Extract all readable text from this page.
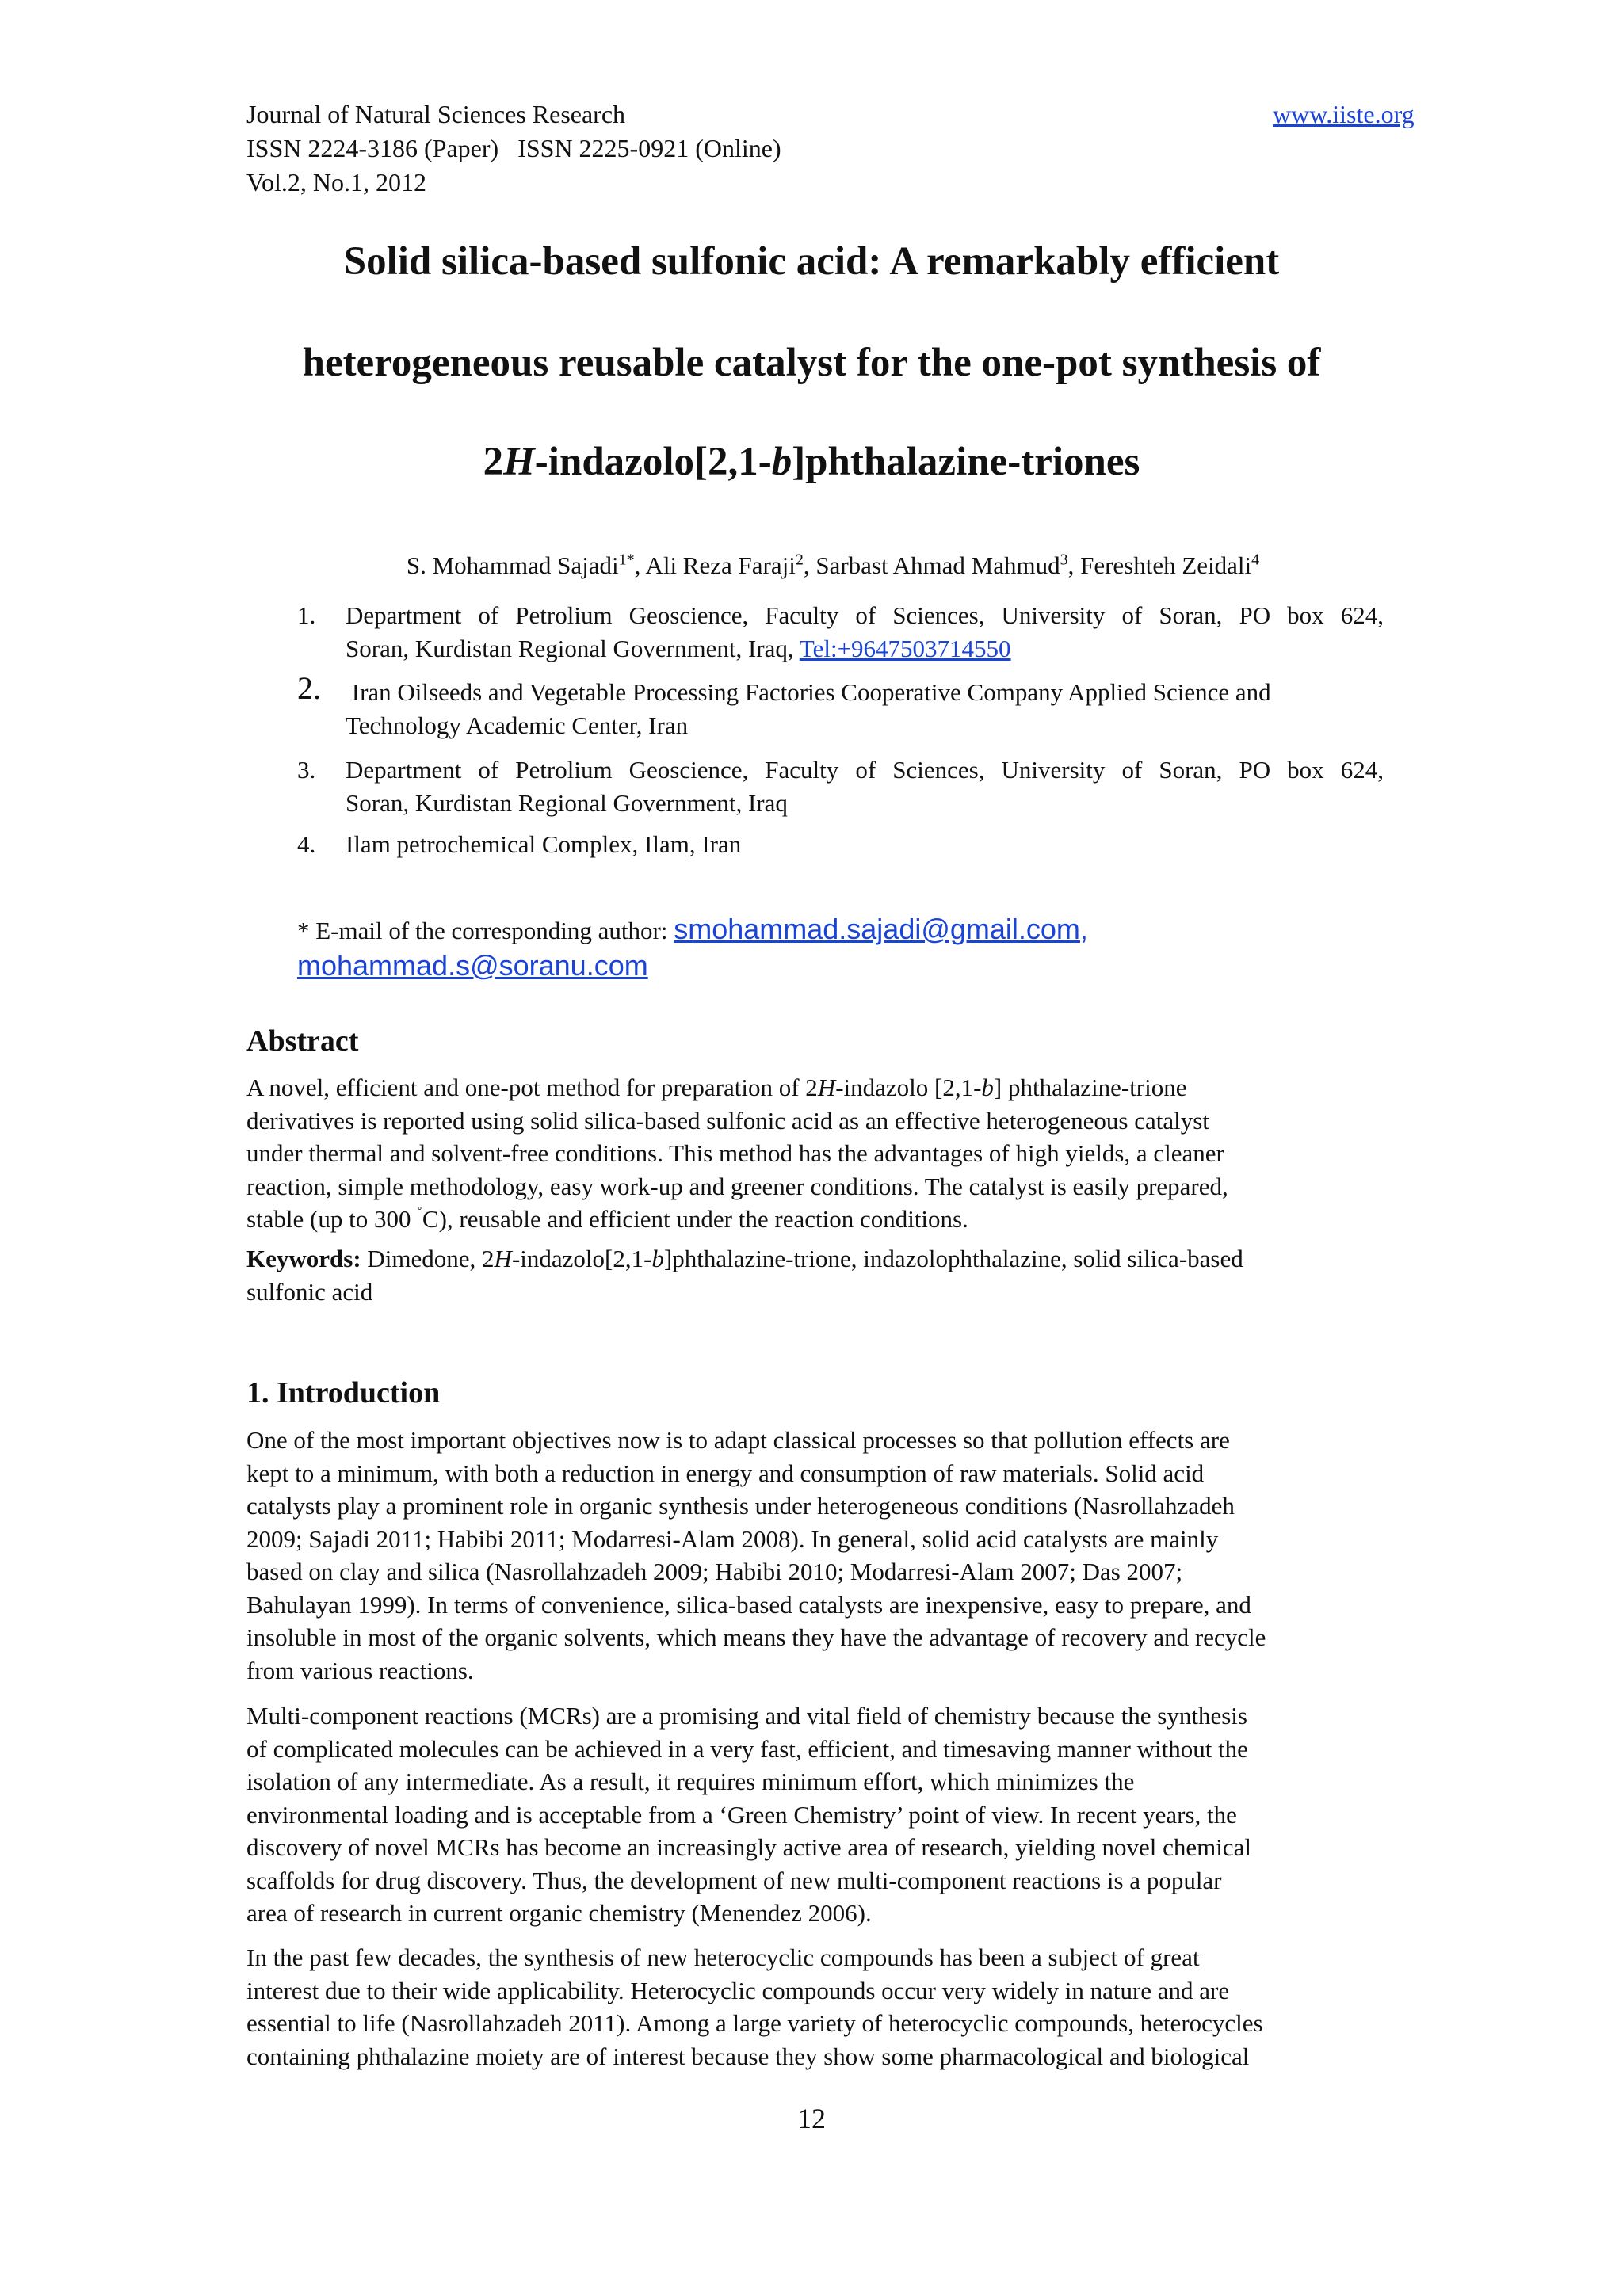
Journal of Natural Sciences Research
ISSN 2224-3186 (Paper)   ISSN 2225-0921 (Online)
Vol.2, No.1, 2012
www.iiste.org
Solid silica-based sulfonic acid: A remarkably efficient
heterogeneous reusable catalyst for the one-pot synthesis of
2H-indazolo[2,1-b]phthalazine-triones
S. Mohammad Sajadi$^{1*}$, Ali Reza Faraji$^2$, Sarbast Ahmad Mahmud$^3$, Fereshteh Zeidali$^4$
1. Department of Petrolium Geoscience, Faculty of Sciences, University of Soran, PO box 624,
Soran, Kurdistan Regional Government, Iraq, Tel:+9647503714550
2. Iran Oilseeds and Vegetable Processing Factories Cooperative Company Applied Science and
Technology Academic Center, Iran
3. Department of Petrolium Geoscience, Faculty of Sciences, University of Soran, PO box 624,
Soran, Kurdistan Regional Government, Iraq
4. Ilam petrochemical Complex, Ilam, Iran
* E-mail of the corresponding author: smohammad.sajadi@gmail.com,
mohammad.s@soranu.com
Abstract
A novel, efficient and one-pot method for preparation of 2H-indazolo [2,1-b] phthalazine-trione
derivatives is reported using solid silica-based sulfonic acid as an effective heterogeneous catalyst
under thermal and solvent-free conditions. This method has the advantages of high yields, a cleaner
reaction, simple methodology, easy work-up and greener conditions. The catalyst is easily prepared,
stable (up to 300 ˚C), reusable and efficient under the reaction conditions.
Keywords: Dimedone, 2H-indazolo[2,1-b]phthalazine-trione, indazolophthalazine, solid silica-based
sulfonic acid
1. Introduction
One of the most important objectives now is to adapt classical processes so that pollution effects are
kept to a minimum, with both a reduction in energy and consumption of raw materials. Solid acid
catalysts play a prominent role in organic synthesis under heterogeneous conditions (Nasrollahzadeh
2009; Sajadi 2011; Habibi 2011; Modarresi-Alam 2008). In general, solid acid catalysts are mainly
based on clay and silica (Nasrollahzadeh 2009; Habibi 2010; Modarresi-Alam 2007; Das 2007;
Bahulayan 1999). In terms of convenience, silica-based catalysts are inexpensive, easy to prepare, and
insoluble in most of the organic solvents, which means they have the advantage of recovery and recycle
from various reactions.
Multi-component reactions (MCRs) are a promising and vital field of chemistry because the synthesis
of complicated molecules can be achieved in a very fast, efficient, and timesaving manner without the
isolation of any intermediate. As a result, it requires minimum effort, which minimizes the
environmental loading and is acceptable from a ‘Green Chemistry’ point of view. In recent years, the
discovery of novel MCRs has become an increasingly active area of research, yielding novel chemical
scaffolds for drug discovery. Thus, the development of new multi-component reactions is a popular
area of research in current organic chemistry (Menendez 2006).
In the past few decades, the synthesis of new heterocyclic compounds has been a subject of great
interest due to their wide applicability. Heterocyclic compounds occur very widely in nature and are
essential to life (Nasrollahzadeh 2011). Among a large variety of heterocyclic compounds, heterocycles
containing phthalazine moiety are of interest because they show some pharmacological and biological
12
